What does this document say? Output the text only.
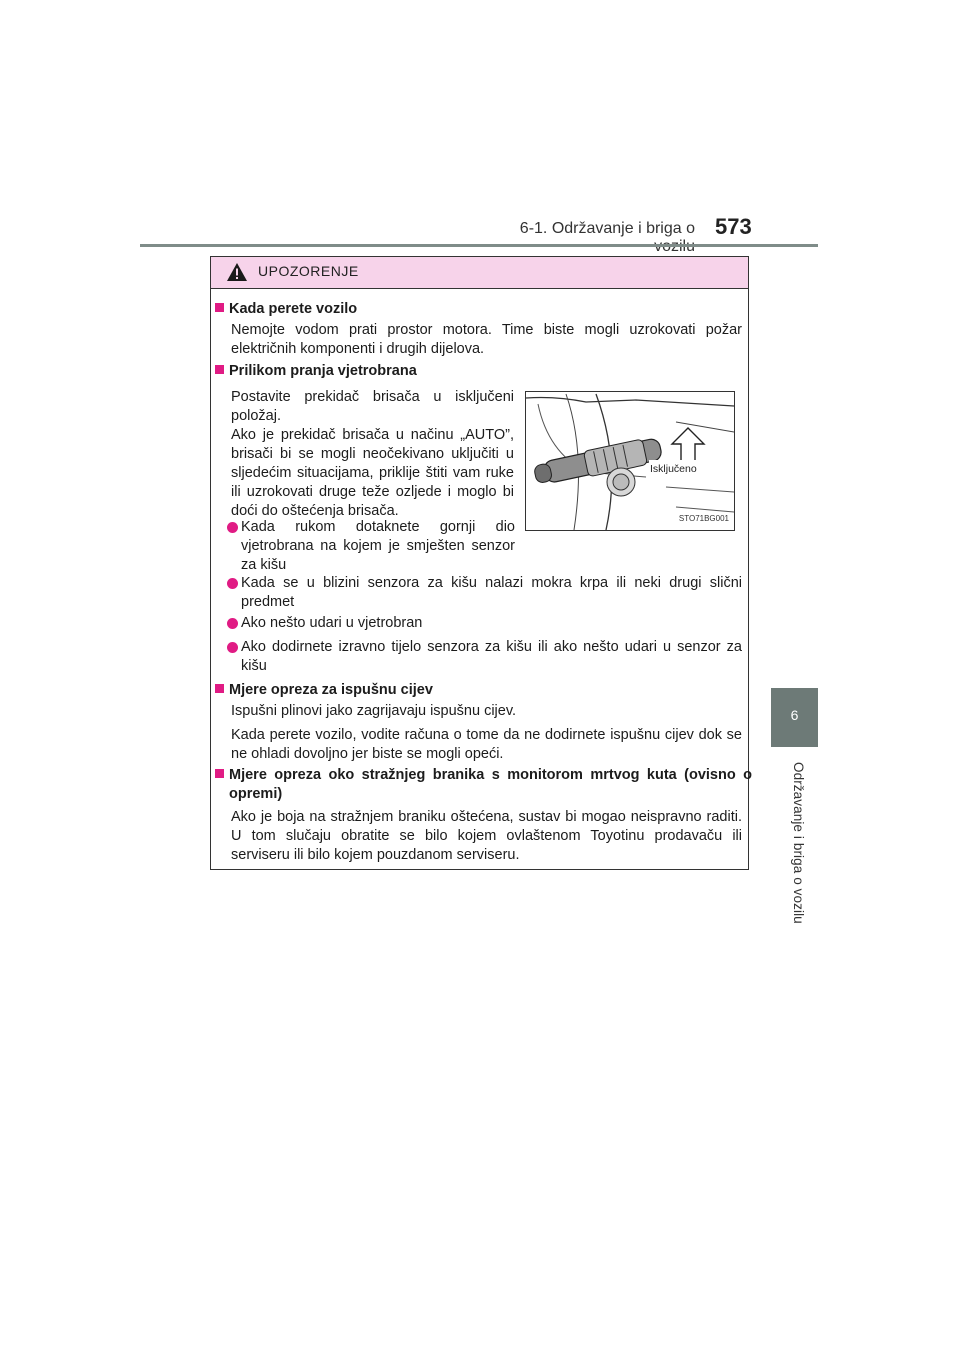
6-1. Održavanje i briga o 573
6
Održavanje i briga o vozilu
UPOZORENJE
Kada perete vozilo

Nemojte vodom prati prostor motora. Time biste mogli uzrokovati požar električnih komponenti i drugih dijelova.

Prilikom pranja vjetrobrana

Postavite prekidač brisača u isključeni položaj.

Ako je prekidač brisača u načinu „AUTO”, brisači bi se mogli neočekivano uključiti u sljedećim situacijama, priklije štiti vam ruke ili uzrokovati druge teže ozljede i moglo bi doći do oštećenja brisača.

Kada rukom dotaknete gornji dio vjetrobrana na kojem je smješten senzor za kišu
Isključeno
STO71BG001
Kada se u blizini senzora za kišu nalazi mokra krpa ili neki drugi slični predmet
Ako nešto udari u vjetrobran
Ako dodirnete izravno tijelo senzora za kišu ili ako nešto udari u senzor za kišu
Mjere opreza za ispušnu cijev

Ispušni plinovi jako zagrijavaju ispušnu cijev.

Kada perete vozilo, vodite računa o tome da ne dodirnete ispušnu cijev dok se ne ohladi dovoljno jer biste se mogli opeći.

Mjere opreza oko stražnjeg branika s monitorom mrtvog kuta (ovisno o opremi)

Ako je boja na stražnjem braniku oštećena, sustav bi mogao neispravno raditi. U tom slučaju obratite se bilo kojem ovlaštenom Toyotinu prodavaču ili serviseru ili bilo kojem pouzdanom serviseru.
